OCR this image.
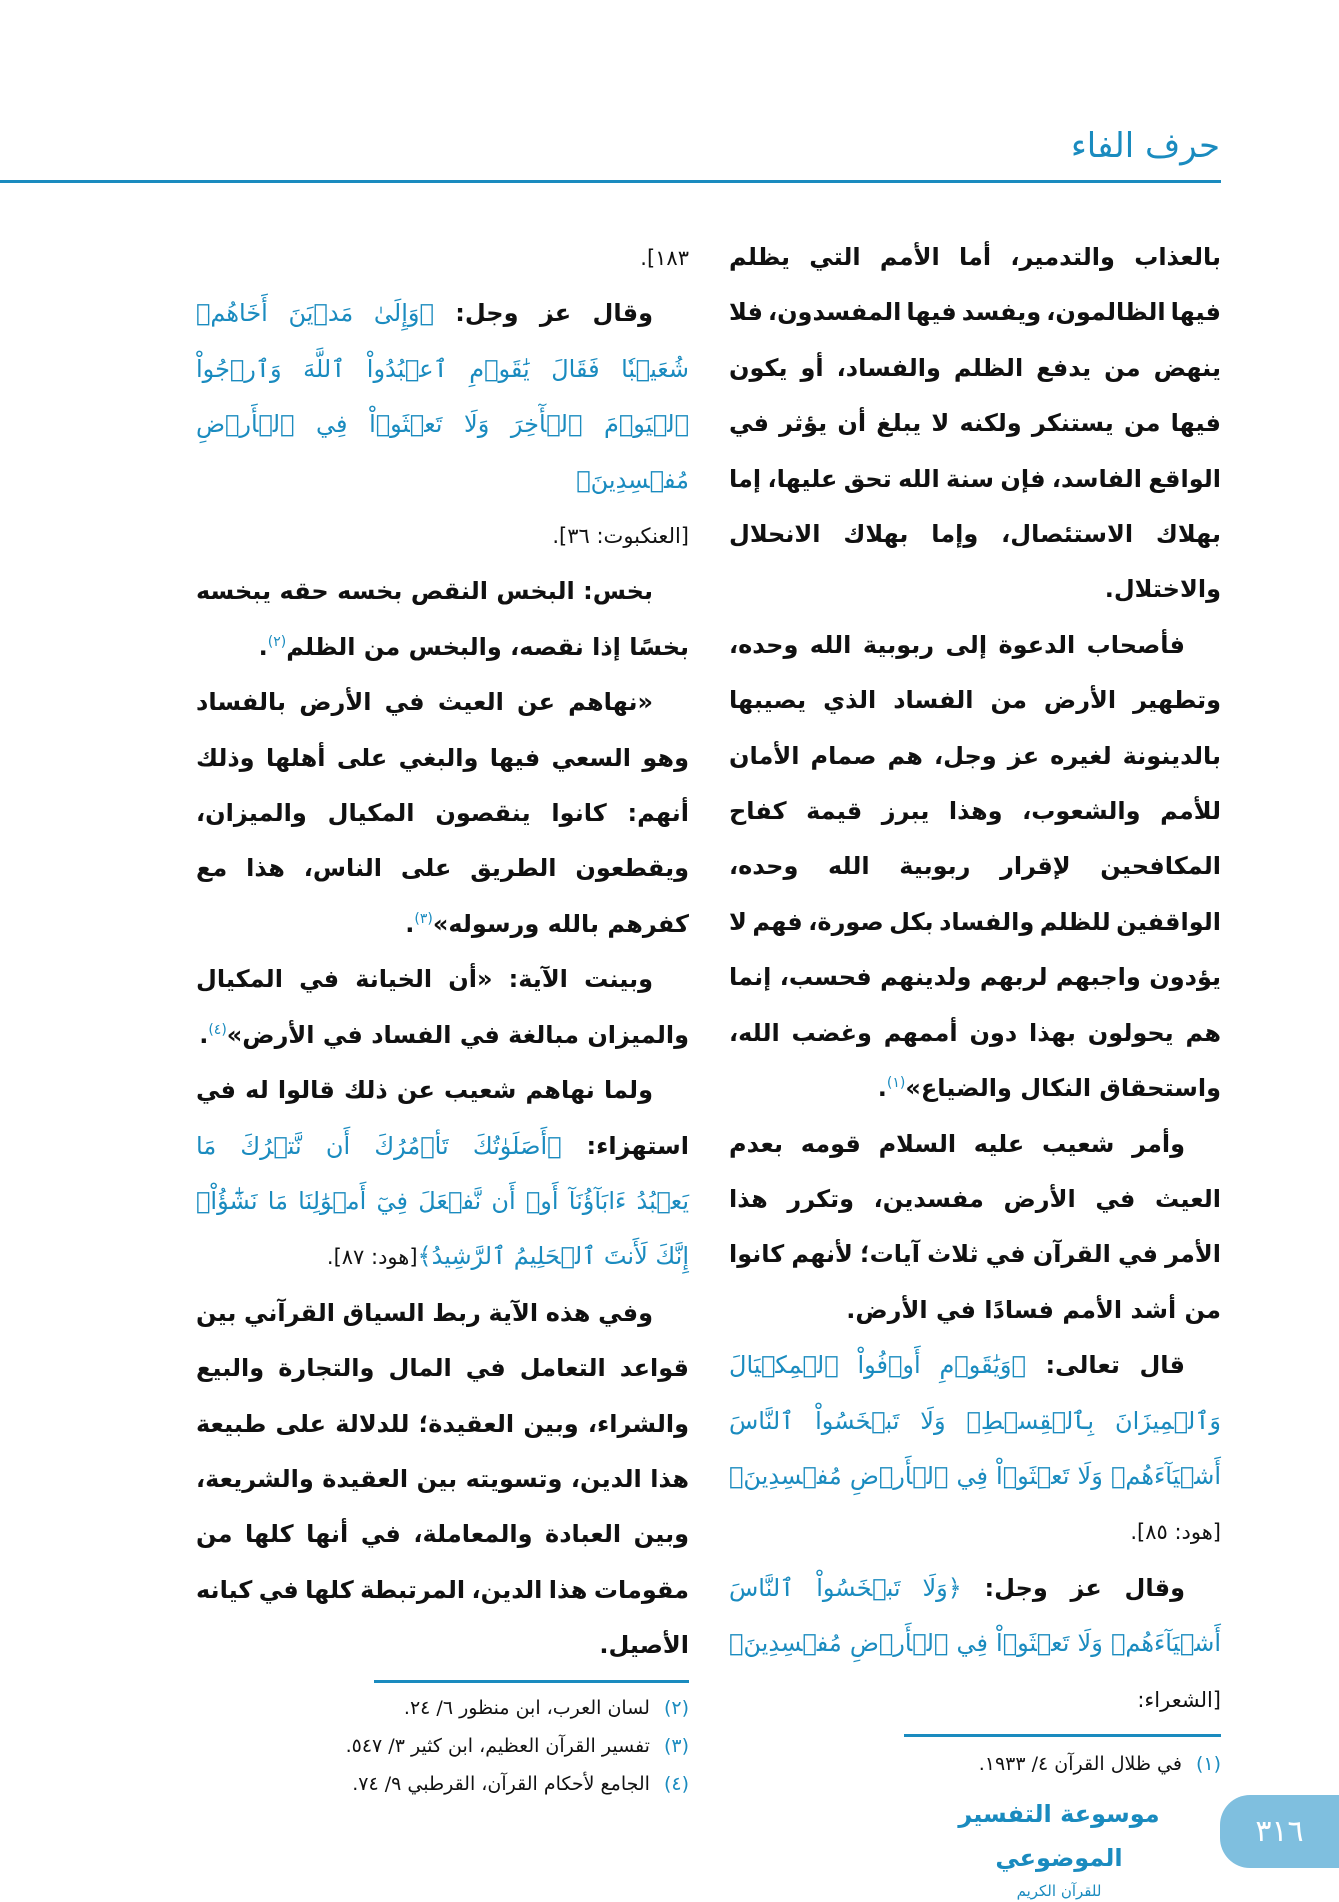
حرف الفاء
بالعذاب والتدمير، أما الأمم التي يظلم
فيها الظالمون، ويفسد فيها المفسدون، فلا
ينهض من يدفع الظلم والفساد، أو يكون
فيها من يستنكر ولكنه لا يبلغ أن يؤثر في
الواقع الفاسد، فإن سنة الله تحق عليها، إما
بهلاك الاستئصال، وإما بهلاك الانحلال
والاختلال.
فأصحاب الدعوة إلى ربوبية الله وحده،
وتطهير الأرض من الفساد الذي يصيبها
بالدينونة لغيره عز وجل، هم صمام الأمان
للأمم والشعوب، وهذا يبرز قيمة كفاح
المكافحين لإقرار ربوبية الله وحده،
الواقفين للظلم والفساد بكل صورة، فهم لا
يؤدون واجبهم لربهم ولدينهم فحسب، إنما
هم يحولون بهذا دون أممهم وغضب الله،
واستحقاق النكال والضياع»$^{(١)}$.
وأمر شعيب عليه السلام قومه بعدم
العيث في الأرض مفسدين، وتكرر هذا
الأمر في القرآن في ثلاث آيات؛ لأنهم كانوا
من أشد الأمم فسادًا في الأرض.
قال تعالى: ﴿وَيَٰقَوۡمِ أَوۡفُواْ ٱلۡمِكۡيَالَ
وَٱلۡمِيزَانَ بِٱلۡقِسۡطِۖ وَلَا تَبۡخَسُواْ ٱلنَّاسَ
أَشۡيَآءَهُمۡ وَلَا تَعۡثَوۡاْ فِي ٱلۡأَرۡضِ مُفۡسِدِينَ﴾
[هود: ٨٥].
وقال عز وجل: ﴿وَلَا تَبۡخَسُواْ ٱلنَّاسَ
أَشۡيَآءَهُمۡ وَلَا تَعۡثَوۡاْ فِي ٱلۡأَرۡضِ مُفۡسِدِينَ﴾[الشعراء:
١٨٣].
وقال عز وجل: ﴿وَإِلَىٰ مَدۡيَنَ أَخَاهُمۡ
شُعَيۡبٗا فَقَالَ يَٰقَوۡمِ ٱعۡبُدُواْ ٱللَّهَ وَٱرۡجُواْ
ٱلۡيَوۡمَ ٱلۡأٓخِرَ وَلَا تَعۡثَوۡاْ فِي ٱلۡأَرۡضِ مُفۡسِدِينَ﴾
[العنكبوت: ٣٦].
بخس: البخس النقص بخسه حقه يبخسه
بخسًا إذا نقصه، والبخس من الظلم$^{(٢)}$.
«نهاهم عن العيث في الأرض بالفساد
وهو السعي فيها والبغي على أهلها وذلك
أنهم: كانوا ينقصون المكيال والميزان،
ويقطعون الطريق على الناس، هذا مع
كفرهم بالله ورسوله»$^{(٣)}$.
وبينت الآية: «أن الخيانة في المكيال
والميزان مبالغة في الفساد في الأرض»$^{(٤)}$.
ولما نهاهم شعيب عن ذلك قالوا له في
استهزاء: ﴿أَصَلَوٰتُكَ تَأۡمُرُكَ أَن نَّتۡرُكَ مَا
يَعۡبُدُ ءَابَآؤُنَآ أَوۡ أَن نَّفۡعَلَ فِيٓ أَمۡوَٰلِنَا مَا نَشَٰٓؤُاْۖ
إِنَّكَ لَأَنتَ ٱلۡحَلِيمُ ٱلرَّشِيدُ﴾[هود: ٨٧].
وفي هذه الآية ربط السياق القرآني بين
قواعد التعامل في المال والتجارة والبيع
والشراء، وبين العقيدة؛ للدلالة على طبيعة
هذا الدين، وتسويته بين العقيدة والشريعة،
وبين العبادة والمعاملة، في أنها كلها من
مقومات هذا الدين، المرتبطة كلها في كيانه
الأصيل.
(٢)لسان العرب، ابن منظور ٦/ ٢٤.
(٣)تفسير القرآن العظيم، ابن كثير ٣/ ٥٤٧.
(٤)الجامع لأحكام القرآن، القرطبي ٩/ ٧٤.
(١)في ظلال القرآن ٤/ ١٩٣٣.
موسوعة التفسير الموضوعي
للقرآن الكريم
٣١٦
